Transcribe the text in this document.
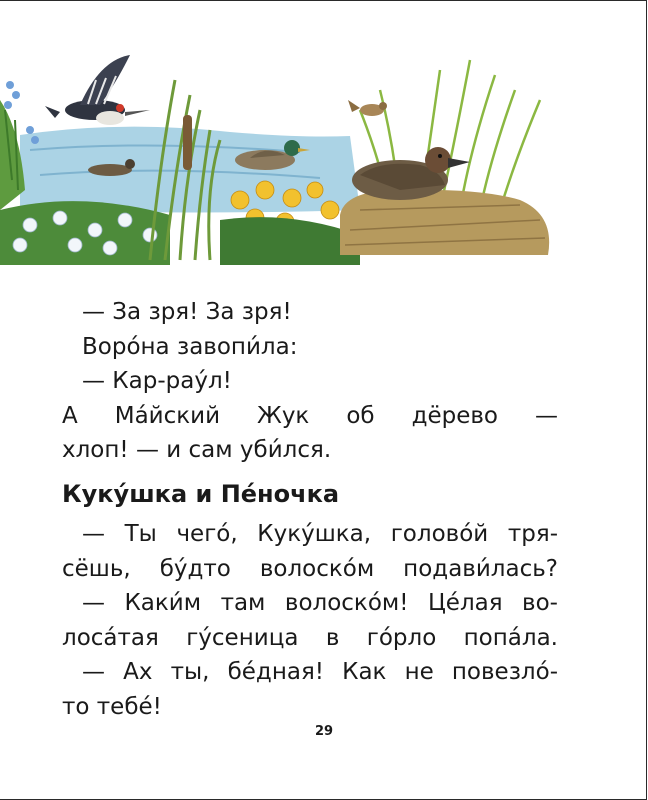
— За зря! За зря!
Воро́на завопи́ла:
— Кар-рау́л!
А Ма́йский Жук об дёрево —
хлоп! — и сам уби́лся.
Куку́шка и Пе́ночка
— Ты чего́, Куку́шка, голово́й тря-
сёшь, бу́дто волоско́м подави́лась?
— Каки́м там волоско́м! Це́лая во-
лоса́тая гу́сеница в го́рло попа́ла.
— Ах ты, бе́дная! Как не повезло́-
то тебе́!
29
